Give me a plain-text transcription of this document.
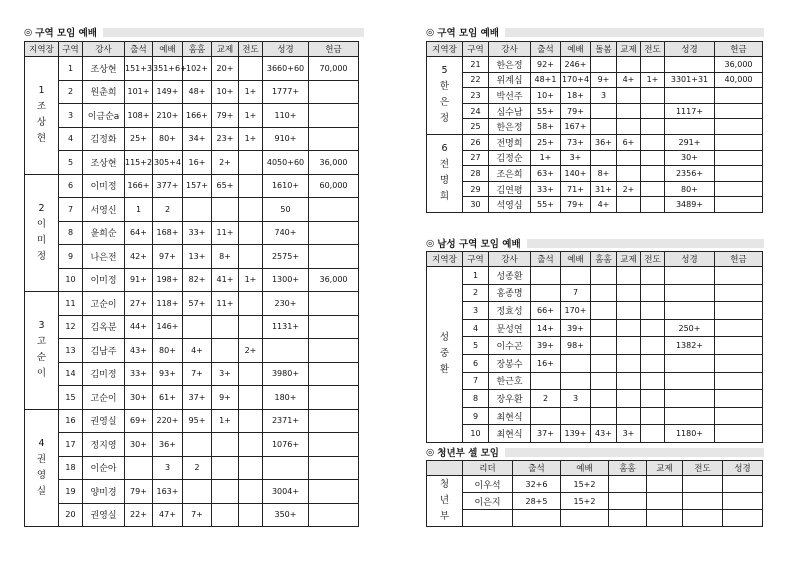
◎ 구역 모임 예배
지역장	구역	강사	출석	예배	홈홈	교제	전도	성경	헌금

1
조
상
현	1	조상현	151+3	351+6+	102+	20+		3660+60	70,000
	2	원춘희	101+	149+	48+	10+	1+	1777+	
	3	이금순a	108+	210+	166+	79+	1+	110+	
	4	김정화	25+	80+	34+	23+	1+	910+	
	5	조상현	115+2	305+4	16+	2+		4050+60	36,000

2
이
미
정	6	이미정	166+	377+	157+	65+		1610+	60,000
	7	서영신	1	2				50	
	8	윤희순	64+	168+	33+	11+		740+	
	9	나은전	42+	97+	13+	8+		2575+	
	10	이미정	91+	198+	82+	41+	1+	1300+	36,000

3
고
순
이	11	고순이	27+	118+	57+	11+		230+	
	12	김옥분	44+	146+				1131+	
	13	김남주	43+	80+	4+		2+		
	14	김미정	33+	93+	7+	3+		3980+	
	15	고순이	30+	61+	37+	9+		180+	

4
권
영
실	16	권영실	69+	220+	95+	1+		2371+	
	17	정지영	30+	36+				1076+	
	18	이순아		3	2				
	19	양미경	79+	163+				3004+	
	20	권영실	22+	47+	7+			350+	
◎ 구역 모임 예배
지역장	구역	강사	출석	예배	돌봄	교제	전도	성경	헌금

5
한
은
정	21	한은정	92+	246+					36,000
	22	위계심	48+1	170+4	9+	4+	1+	3301+31	40,000
	23	박선주	10+	18+	3				
	24	심수남	55+	79+				1117+	
	25	한은정	58+	167+					

6
전
명
희	26	전명희	25+	73+	36+	6+		291+	
	27	김정순	1+	3+				30+	
	28	조은희	63+	140+	8+			2356+	
	29	김연평	33+	71+	31+	2+		80+	
	30	석영심	55+	79+	4+			3489+	
◎ 남성 구역 모임 예배
지역장	구역	강사	출석	예배	홈홈	교제	전도	성경	헌금

성
중
환	1	성종환							
	2	홍종명		7					
	3	정효성	66+	170+					
	4	문성연	14+	39+				250+	
	5	이수곤	39+	98+				1382+	
	6	장봉수	16+						
	7	한근호							
	8	장우환	2	3					
	9	최현식							
	10	최현식	37+	139+	43+	3+		1180+	
◎ 청년부 셀 모임
	리더	출석	예배	홈홈	교제	전도	성경

청
년
부	이우석	32+6	15+2				
	이은지	28+5	15+2				
